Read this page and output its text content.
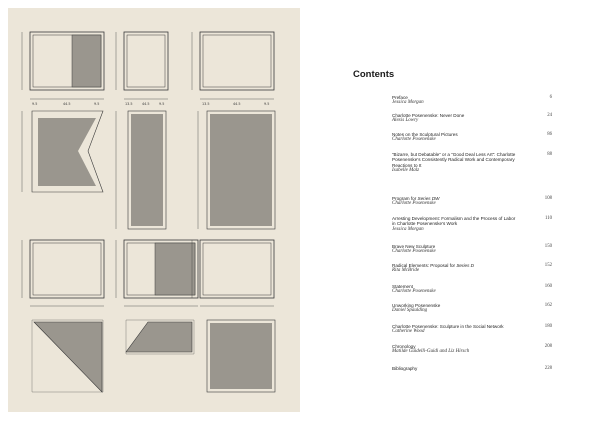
9.5	44.5	9.5	13.5	44.5	9.5	13.5	44.5	9.5
Contents
Preface
Jessica Morgan
6
Charlotte Posenenske: Never Done
Alexis Lowry
24
Notes on the Sculptural Pictures
Charlotte Posenenske
86
“Bizarre, but Debatable” or a “Good Deal Less Art”: Charlotte Posenenske’s Consistently Radical Work and Contemporary Reactions to It
Isabelle Malz
88
Program for Series DW
Charlotte Posenenske
108
Arresting Development: Formalism and the Process of Labor in Charlotte Posenenske’s Work
Jessica Morgan
110
Brave New Sculpture
Charlotte Posenenske
150
Radical Elements: Proposal for Series D
Rita McBride
152
Statement
Charlotte Posenenske
160
Unworking Posenenske
Daniel Spaulding
162
Charlotte Posenenske: Sculpture in the Social Network
Catherine Wood
180
Chronology
Matilde Guidelli-Guidi and Liz Hirsch
208
Bibliography	228
